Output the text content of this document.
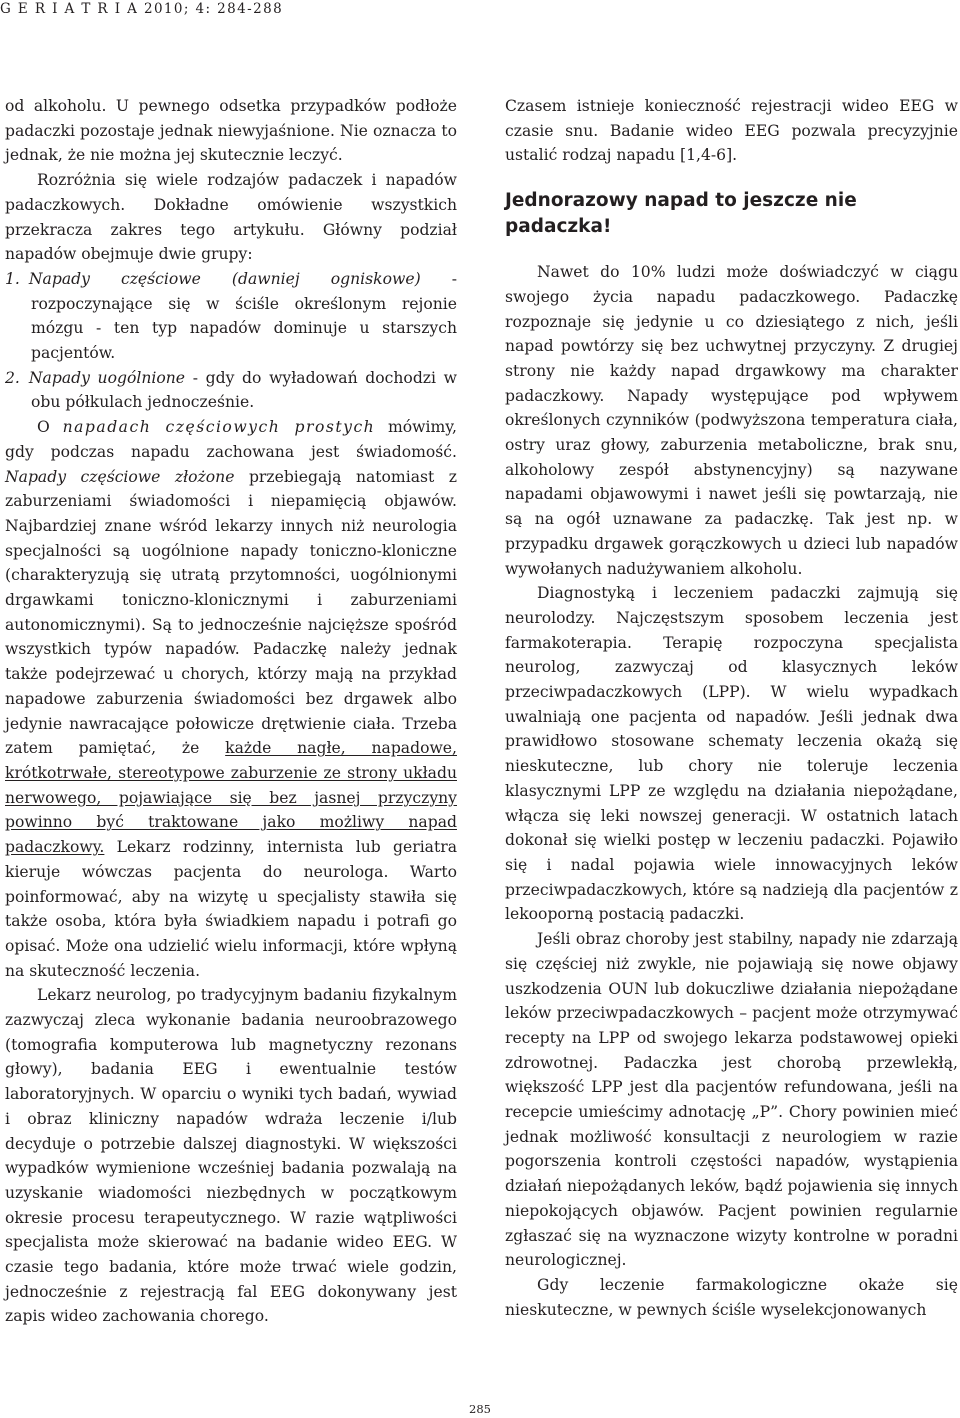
G E R I A T R I A 2010; 4: 284-288

od alkoholu. U pewnego odsetka przypadków podłoże padaczki pozostaje jednak niewyjaśnione. Nie oznacza to jednak, że nie można jej skutecznie leczyć.

Rozróżnia się wiele rodzajów padaczek i napadów padaczkowych. Dokładne omówienie wszystkich przekracza zakres tego artykułu. Główny podział napadów obejmuje dwie grupy:

1. Napady częściowe (dawniej ogniskowe) - rozpoczynające się w ściśle określonym rejonie mózgu - ten typ napadów dominuje u starszych pacjentów.

2. Napady uogólnione - gdy do wyładowań dochodzi w obu półkulach jednocześnie.

O napadach częściowych prostych mówimy, gdy podczas napadu zachowana jest świadomość. Napady częściowe złożone przebiegają natomiast z zaburzeniami świadomości i niepamięcią objawów. Najbardziej znane wśród lekarzy innych niż neurologia specjalności są uogólnione napady toniczno-kloniczne (charakteryzują się utratą przytomności, uogólnionymi drgawkami toniczno-klonicznymi i zaburzeniami autonomicznymi). Są to jednocześnie najcięższe spośród wszystkich typów napadów. Padaczkę należy jednak także podejrzewać u chorych, którzy mają na przykład napadowe zaburzenia świadomości bez drgawek albo jedynie nawracające połowicze drętwienie ciała. Trzeba zatem pamiętać, że każde nagłe, napadowe, krótkotrwałe, stereotypowe zaburzenie ze strony układu nerwowego, pojawiające się bez jasnej przyczyny powinno być traktowane jako możliwy napad padaczkowy. Lekarz rodzinny, internista lub geriatra kieruje wówczas pacjenta do neurologa. Warto poinformować, aby na wizytę u specjalisty stawiła się także osoba, która była świadkiem napadu i potrafi go opisać. Może ona udzielić wielu informacji, które wpłyną na skuteczność leczenia.

Lekarz neurolog, po tradycyjnym badaniu fizykalnym zazwyczaj zleca wykonanie badania neuroobrazowego (tomografia komputerowa lub magnetyczny rezonans głowy), badania EEG i ewentualnie testów laboratoryjnych. W oparciu o wyniki tych badań, wywiad i obraz kliniczny napadów wdraża leczenie i/lub decyduje o potrzebie dalszej diagnostyki. W większości wypadków wymienione wcześniej badania pozwalają na uzyskanie wiadomości niezbędnych w początkowym okresie procesu terapeutycznego. W razie wątpliwości specjalista może skierować na badanie wideo EEG. W czasie tego badania, które może trwać wiele godzin, jednocześnie z rejestracją fal EEG dokonywany jest zapis wideo zachowania chorego.

Czasem istnieje konieczność rejestracji wideo EEG w czasie snu. Badanie wideo EEG pozwala precyzyjnie ustalić rodzaj napadu [1,4-6].

Jednorazowy napad to jeszcze nie padaczka!

Nawet do 10% ludzi może doświadczyć w ciągu swojego życia napadu padaczkowego. Padaczkę rozpoznaje się jedynie u co dziesiątego z nich, jeśli napad powtórzy się bez uchwytnej przyczyny. Z drugiej strony nie każdy napad drgawkowy ma charakter padaczkowy. Napady występujące pod wpływem określonych czynników (podwyższona temperatura ciała, ostry uraz głowy, zaburzenia metaboliczne, brak snu, alkoholowy zespół abstynencyjny) są nazywane napadami objawowymi i nawet jeśli się powtarzają, nie są na ogół uznawane za padaczkę. Tak jest np. w przypadku drgawek gorączkowych u dzieci lub napadów wywołanych nadużywaniem alkoholu.

Diagnostyką i leczeniem padaczki zajmują się neurolodzy. Najczęstszym sposobem leczenia jest farmakoterapia. Terapię rozpoczyna specjalista neurolog, zazwyczaj od klasycznych leków przeciwpadaczkowych (LPP). W wielu wypadkach uwalniają one pacjenta od napadów. Jeśli jednak dwa prawidłowo stosowane schematy leczenia okażą się nieskuteczne, lub chory nie toleruje leczenia klasycznymi LPP ze względu na działania niepożądane, włącza się leki nowszej generacji. W ostatnich latach dokonał się wielki postęp w leczeniu padaczki. Pojawiło się i nadal pojawia wiele innowacyjnych leków przeciwpadaczkowych, które są nadzieją dla pacjentów z lekooporną postacią padaczki.

Jeśli obraz choroby jest stabilny, napady nie zdarzają się częściej niż zwykle, nie pojawiają się nowe objawy uszkodzenia OUN lub dokuczliwe działania niepożądane leków przeciwpadaczkowych – pacjent może otrzymywać recepty na LPP od swojego lekarza podstawowej opieki zdrowotnej. Padaczka jest chorobą przewlekłą, większość LPP jest dla pacjentów refundowana, jeśli na recepcie umieścimy adnotację „P”. Chory powinien mieć jednak możliwość konsultacji z neurologiem w razie pogorszenia kontroli częstości napadów, wystąpienia działań niepożądanych leków, bądź pojawienia się innych niepokojących objawów. Pacjent powinien regularnie zgłaszać się na wyznaczone wizyty kontrolne w poradni neurologicznej.

Gdy leczenie farmakologiczne okaże się nieskuteczne, w pewnych ściśle wyselekcjonowanych

285
